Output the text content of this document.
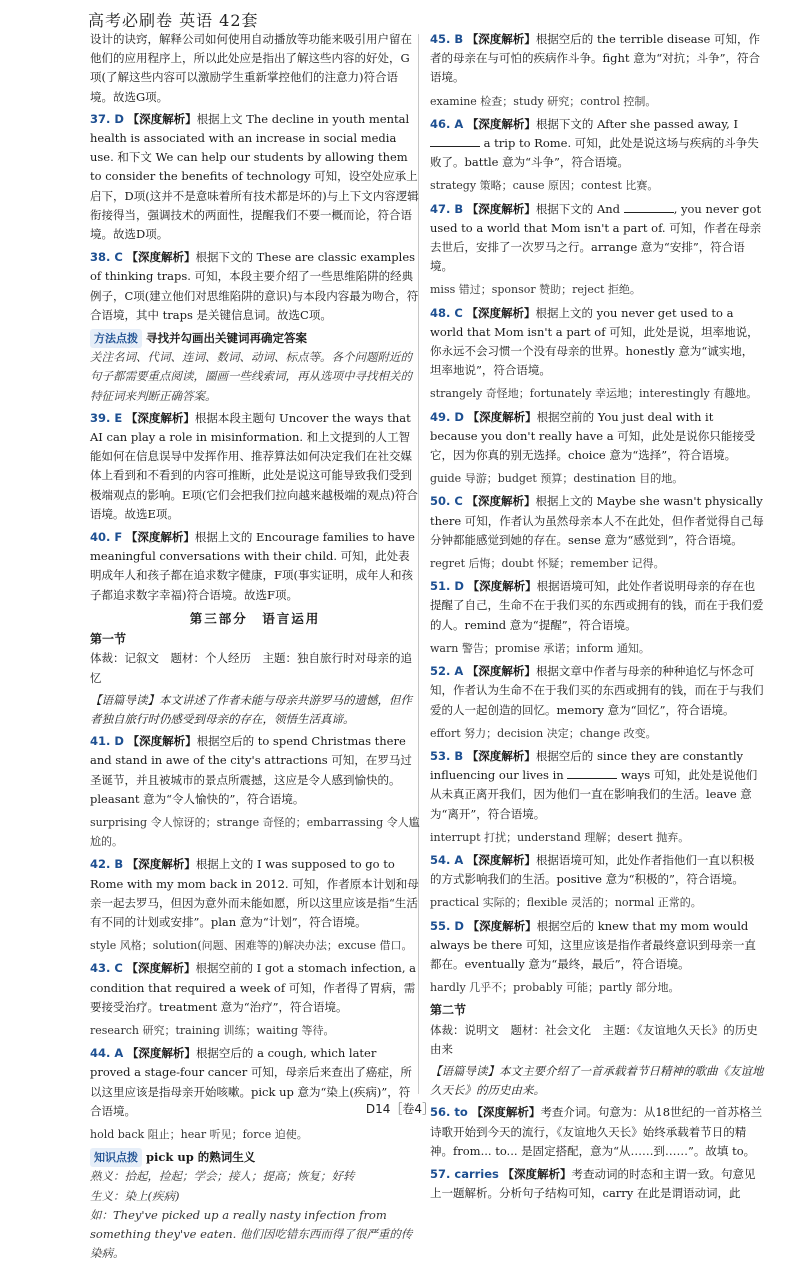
高考必刷卷 英语 42套
设计的诀窍，解释公司如何使用自动播放等功能来吸引用户留在他们的应用程序上，所以此处应是指出了解这些内容的好处，G项(了解这些内容可以激励学生重新掌控他们的注意力)符合语境。故选G项。
37. D 【深度解析】根据上文 The decline in youth mental health is associated with an increase in social media use. 和下文 We can help our students by allowing them to consider the benefits of technology 可知，设空处应承上启下，D项(这并不是意味着所有技术都是坏的)与上下文内容逻辑衔接得当，强调技术的两面性，提醒我们不要一概而论，符合语境。故选D项。
38. C 【深度解析】根据下文的 These are classic examples of thinking traps. 可知，本段主要介绍了一些思维陷阱的经典例子，C项(建立他们对思维陷阱的意识)与本段内容最为吻合，符合语境，其中 traps 是关键信息词。故选C项。
方法点拨 寻找并勾画出关键词再确定答案
关注名词、代词、连词、数词、动词、标点等。各个问题附近的句子都需要重点阅读，圈画一些线索词，再从选项中寻找相关的特征词来判断正确答案。
39. E 【深度解析】根据本段主题句 Uncover the ways that AI can play a role in misinformation. 和上文提到的人工智能如何在信息误导中发挥作用、推荐算法如何决定我们在社交媒体上看到和不看到的内容可推断，此处是说这可能导致我们受到极端观点的影响。E项(它们会把我们拉向越来越极端的观点)符合语境。故选E项。
40. F 【深度解析】根据上文的 Encourage families to have meaningful conversations with their child. 可知，此处表明成年人和孩子都在追求数字健康，F项(事实证明，成年人和孩子都追求数字幸福)符合语境。故选F项。
第三部分　语言运用
第一节
体裁：记叙文　题材：个人经历　主题：独自旅行时对母亲的追忆
【语篇导读】本文讲述了作者未能与母亲共游罗马的遗憾，但作者独自旅行时仍感受到母亲的存在，领悟生活真谛。
41. D 【深度解析】根据空后的 to spend Christmas there and stand in awe of the city's attractions 可知，在罗马过圣诞节，并且被城市的景点所震撼，这应是令人感到愉快的。pleasant 意为“令人愉快的”，符合语境。
surprising 令人惊讶的；strange 奇怪的；embarrassing 令人尴尬的。
42. B 【深度解析】根据上文的 I was supposed to go to Rome with my mom back in 2012. 可知，作者原本计划和母亲一起去罗马，但因为意外而未能如愿，所以这里应该是指“生活有不同的计划或安排”。plan 意为“计划”，符合语境。
style 风格；solution(问题、困难等的)解决办法；excuse 借口。
43. C 【深度解析】根据空前的 I got a stomach infection, a condition that required a week of 可知，作者得了胃病，需要接受治疗。treatment 意为“治疗”，符合语境。
research 研究；training 训练；waiting 等待。
44. A 【深度解析】根据空后的 a cough, which later proved a stage-four cancer 可知，母亲后来查出了癌症，所以这里应该是指母亲开始咳嗽。pick up 意为“染上(疾病)”，符合语境。
hold back 阻止；hear 听见；force 迫使。
知识点拨 pick up 的熟词生义
熟义：拾起，捡起；学会；接人；提高；恢复；好转
生义：染上(疾病)
如：They've picked up a really nasty infection from something they've eaten. 他们因吃错东西而得了很严重的传染病。
45. B 【深度解析】根据空后的 the terrible disease 可知，作者的母亲在与可怕的疾病作斗争。fight 意为“对抗；斗争”，符合语境。
examine 检查；study 研究；control 控制。
46. A 【深度解析】根据下文的 After she passed away, I  a trip to Rome. 可知，此处是说这场与疾病的斗争失败了。battle 意为“斗争”，符合语境。
strategy 策略；cause 原因；contest 比赛。
47. B 【深度解析】根据下文的 And	, you never got used to a world that Mom isn't a part of. 可知，作者在母亲去世后，安排了一次罗马之行。arrange 意为“安排”，符合语境。
miss 错过；sponsor 赞助；reject 拒绝。
48. C 【深度解析】根据上文的 you never get used to a world that Mom isn't a part of 可知，此处是说，坦率地说，你永远不会习惯一个没有母亲的世界。honestly 意为“诚实地，坦率地说”，符合语境。
strangely 奇怪地；fortunately 幸运地；interestingly 有趣地。
49. D 【深度解析】根据空前的 You just deal with it because you don't really have a 可知，此处是说你只能接受它，因为你真的别无选择。choice 意为“选择”，符合语境。
guide 导游；budget 预算；destination 目的地。
50. C 【深度解析】根据上文的 Maybe she wasn't physically there 可知，作者认为虽然母亲本人不在此处，但作者觉得自己每分钟都能感觉到她的存在。sense 意为“感觉到”，符合语境。
regret 后悔；doubt 怀疑；remember 记得。
51. D 【深度解析】根据语境可知，此处作者说明母亲的存在也提醒了自己，生命不在于我们买的东西或拥有的钱，而在于我们爱的人。remind 意为“提醒”，符合语境。
warn 警告；promise 承诺；inform 通知。
52. A 【深度解析】根据文章中作者与母亲的种种追忆与怀念可知，作者认为生命不在于我们买的东西或拥有的钱，而在于与我们爱的人一起创造的回忆。memory 意为“回忆”，符合语境。
effort 努力；decision 决定；change 改变。
53. B 【深度解析】根据空后的 since they are constantly influencing our lives in	ways 可知，此处是说他们从未真正离开我们，因为他们一直在影响我们的生活。leave 意为“离开”，符合语境。
interrupt 打扰；understand 理解；desert 抛弃。
54. A 【深度解析】根据语境可知，此处作者指他们一直以积极的方式影响我们的生活。positive 意为“积极的”，符合语境。
practical 实际的；flexible 灵活的；normal 正常的。
55. D 【深度解析】根据空后的 knew that my mom would always be there 可知，这里应该是指作者最终意识到母亲一直都在。eventually 意为“最终，最后”，符合语境。
hardly 几乎不；probably 可能；partly 部分地。
第二节
体裁：说明文　题材：社会文化　主题：《友谊地久天长》的历史由来
【语篇导读】本文主要介绍了一首承载着节日精神的歌曲《友谊地久天长》的历史由来。
56. to 【深度解析】考查介词。句意为：从18世纪的一首苏格兰诗歌开始到今天的流行，《友谊地久天长》始终承载着节日的精神。from... to... 是固定搭配，意为“从……到……”。故填 to。
57. carries 【深度解析】考查动词的时态和主谓一致。句意见上一题解析。分析句子结构可知，carry 在此是谓语动词，此
D14［卷4］
